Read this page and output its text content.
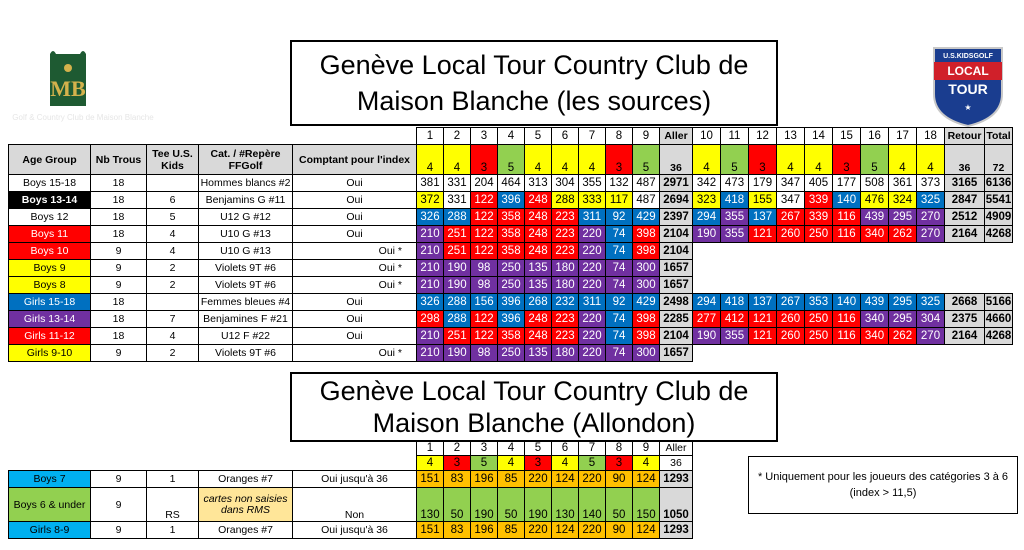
MB
Golf & Country Club de Maison Blanche
U.S.KIDSGOLF
LOCAL
TOUR
★
Genève Local Tour Country Club de
Maison Blanche (les sources)
Genève Local Tour Country Club de
Maison Blanche (Allondon)
					1	2	3	4	5	6	7	8	9	Aller	10	11	12	13	14	15	16	17	18	Retour	Total
Age Group	Nb Trous	Tee U.S. Kids	Cat. / #Repère FFGolf	Comptant pour l'index	4	4	3	5	4	4	4	3	5	36	4	5	3	4	4	3	5	4	4	36	72
Boys 15-18	18		Hommes blancs #2	Oui	381	331	204	464	313	304	355	132	487	2971	342	473	179	347	405	177	508	361	373	3165	6136
Boys 13-14	18	6	Benjamins G #11	Oui	372	331	122	396	248	288	333	117	487	2694	323	418	155	347	339	140	476	324	325	2847	5541
Boys 12	18	5	U12 G #12	Oui	326	288	122	358	248	223	311	92	429	2397	294	355	137	267	339	116	439	295	270	2512	4909
Boys 11	18	4	U10 G #13	Oui	210	251	122	358	248	223	220	74	398	2104	190	355	121	260	250	116	340	262	270	2164	4268
Boys 10	9	4	U10 G #13	Oui *	210	251	122	358	248	223	220	74	398	2104											
Boys 9	9	2	Violets 9T #6	Oui *	210	190	98	250	135	180	220	74	300	1657											
Boys 8	9	2	Violets 9T #6	Oui *	210	190	98	250	135	180	220	74	300	1657											
Girls 15-18	18		Femmes bleues #4	Oui	326	288	156	396	268	232	311	92	429	2498	294	418	137	267	353	140	439	295	325	2668	5166
Girls 13-14	18	7	Benjamines F #21	Oui	298	288	122	396	248	223	220	74	398	2285	277	412	121	260	250	116	340	295	304	2375	4660
Girls 11-12	18	4	U12 F #22	Oui	210	251	122	358	248	223	220	74	398	2104	190	355	121	260	250	116	340	262	270	2164	4268
Girls 9-10	9	2	Violets 9T #6	Oui *	210	190	98	250	135	180	220	74	300	1657											
					1	2	3	4	5	6	7	8	9	Aller
					4	3	5	4	3	4	5	3	4	36
Boys 7	9	1	Oranges #7	Oui jusqu'à 36	151	83	196	85	220	124	220	90	124	1293
Boys 6 & under	9	RS	cartes non saisies dans RMS	Non	130	50	190	50	190	130	140	50	150	1050
Girls 8-9	9	1	Oranges #7	Oui jusqu'à 36	151	83	196	85	220	124	220	90	124	1293
* Uniquement pour les joueurs des catégories 3 à 6
(index > 11,5)
